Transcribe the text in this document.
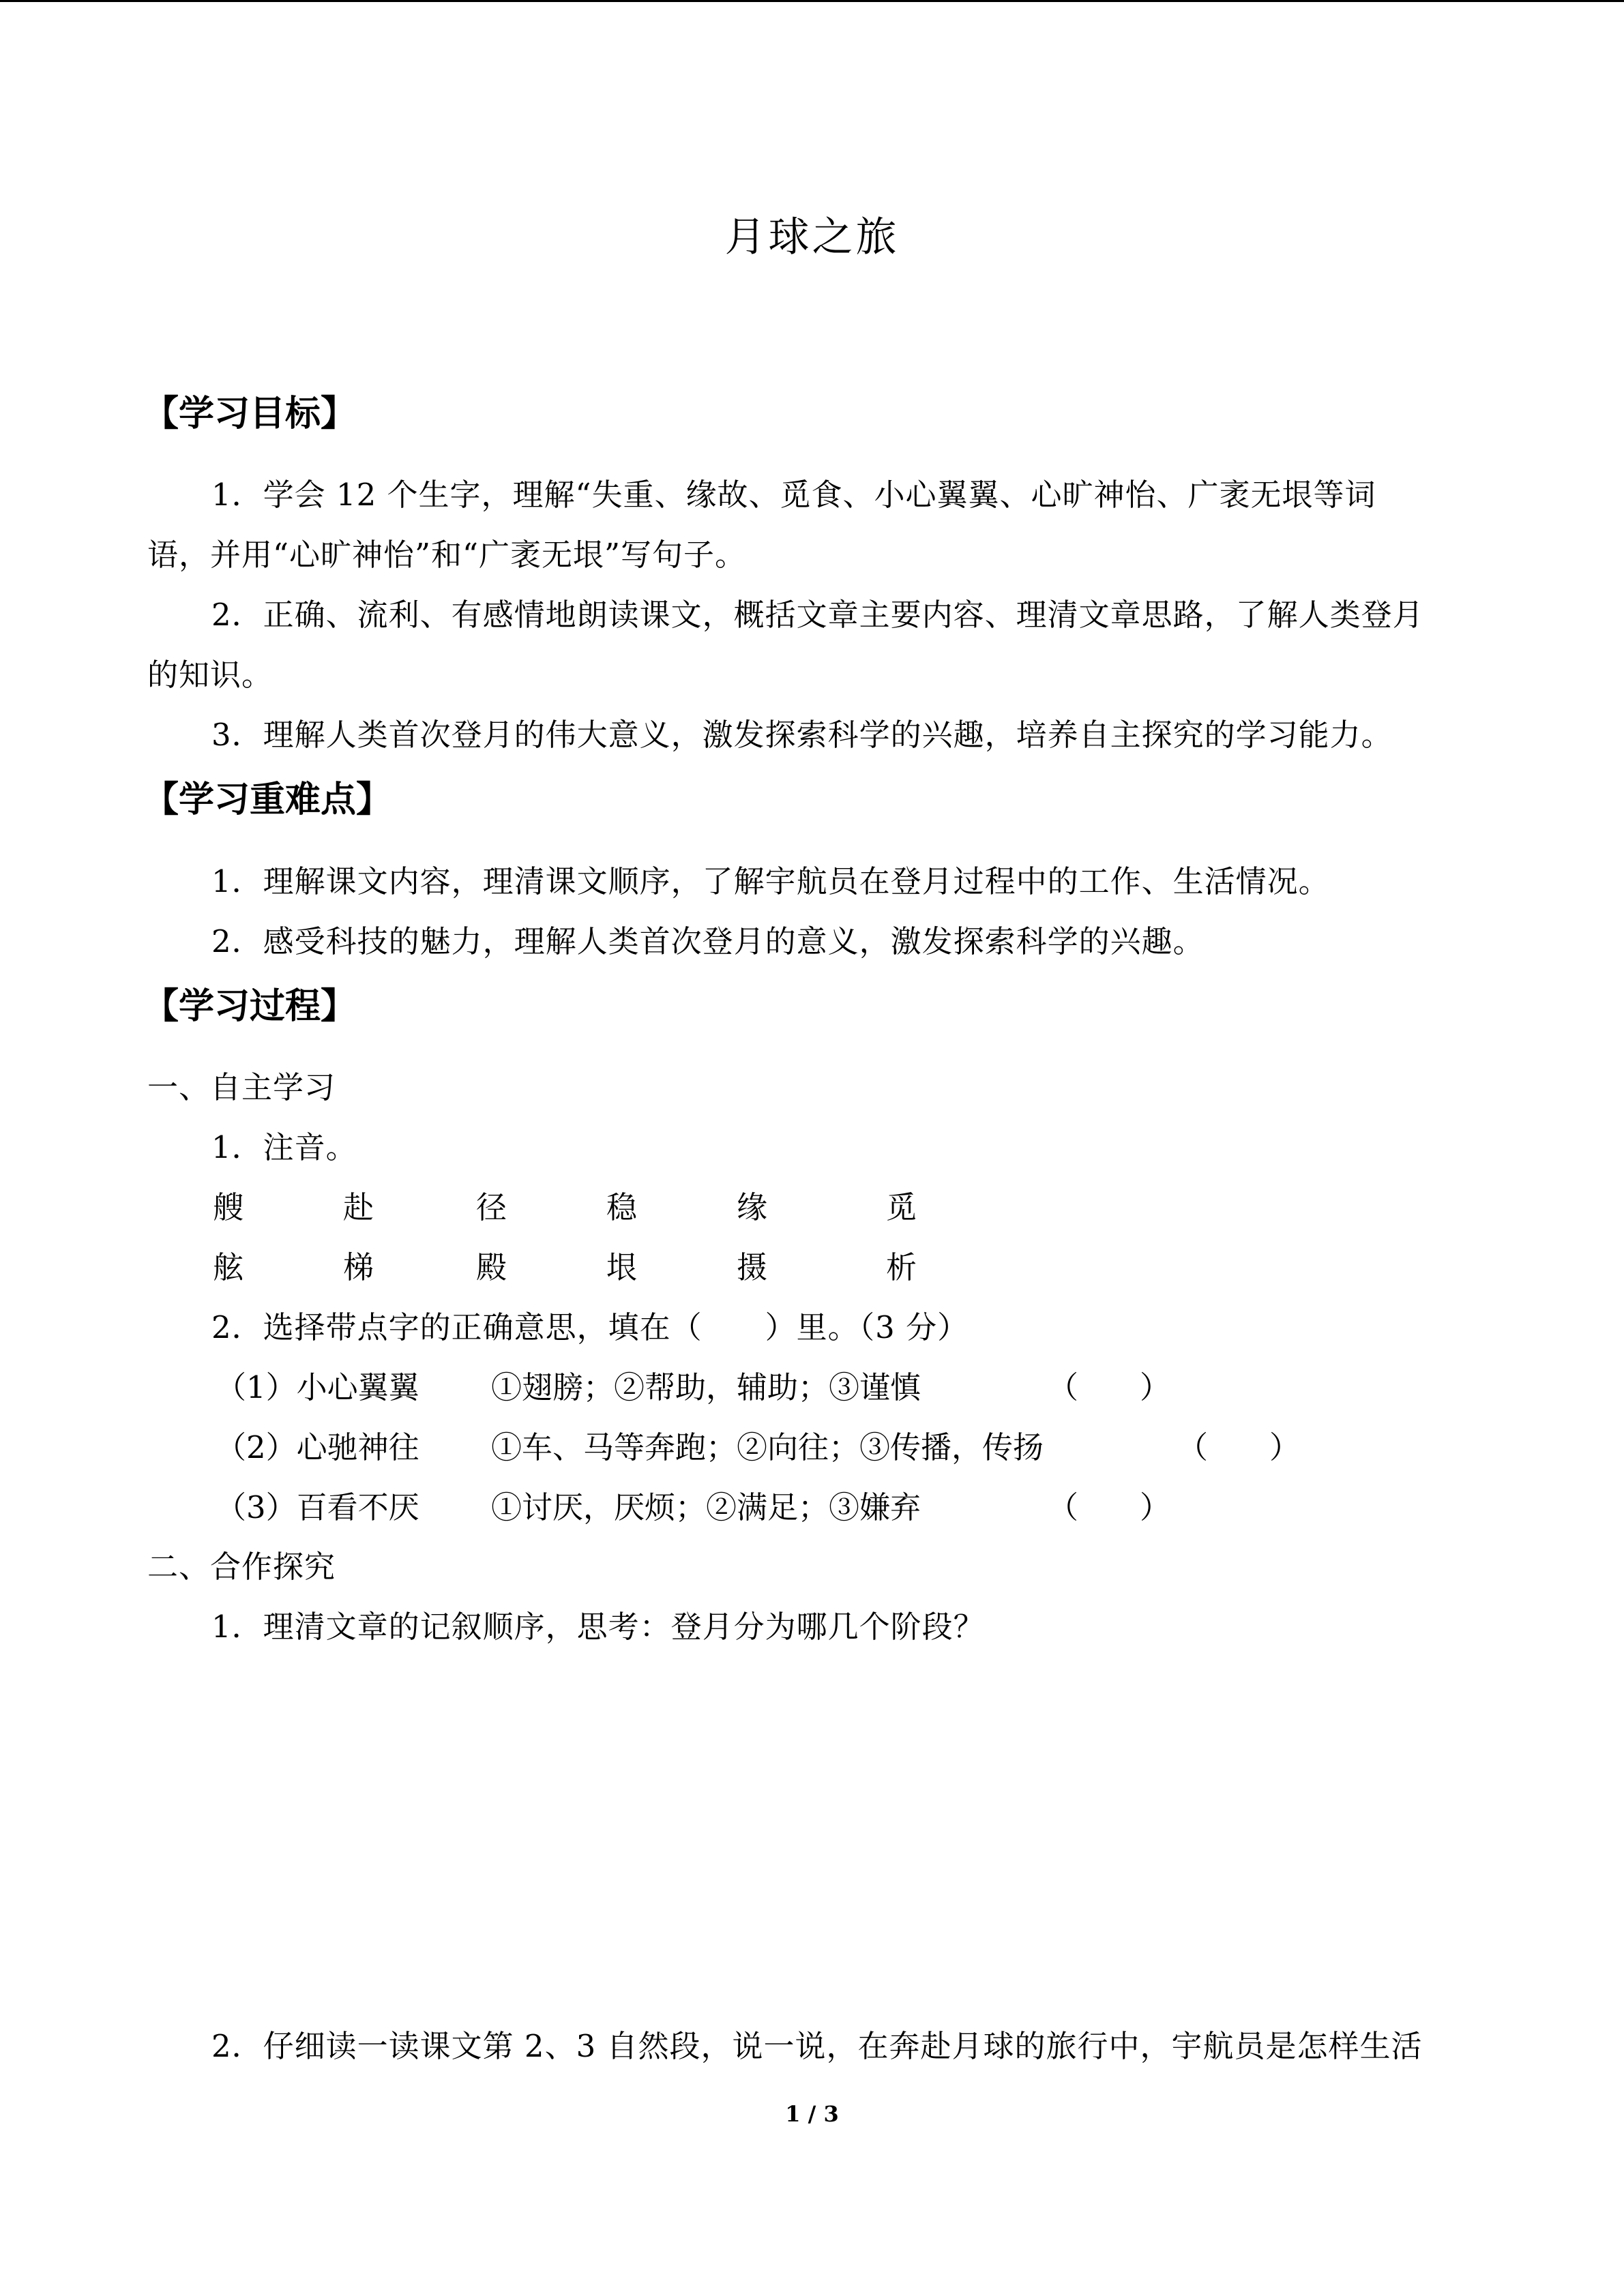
月球之旅
【学习目标】
1．学会 12 个生字，理解“失重、缘故、觅食、小心翼翼、心旷神怡、广袤无垠等词
语，并用“心旷神怡”和“广袤无垠”写句子。
2．正确、流利、有感情地朗读课文，概括文章主要内容、理清文章思路，了解人类登月
的知识。
3．理解人类首次登月的伟大意义，激发探索科学的兴趣，培养自主探究的学习能力。
【学习重难点】
1．理解课文内容，理清课文顺序，了解宇航员在登月过程中的工作、生活情况。
2．感受科技的魅力，理解人类首次登月的意义，激发探索科学的兴趣。
【学习过程】
一、自主学习
1．注音。
艘	赴	径	稳	缘	觅
舷	梯	殿	垠	摄	析
2．选择带点字的正确意思，填在（　　）里。（3 分）
（1）小心翼翼 ①翅膀；②帮助，辅助；③谨慎	（　　）
（2）心驰神往 ①车、马等奔跑；②向往；③传播，传扬	（　　）
（3）百看不厌 ①讨厌，厌烦；②满足；③嫌弃	（　　）
二、合作探究
1．理清文章的记叙顺序，思考：登月分为哪几个阶段？
2．仔细读一读课文第 2、3 自然段，说一说，在奔赴月球的旅行中，宇航员是怎样生活
1 / 3
